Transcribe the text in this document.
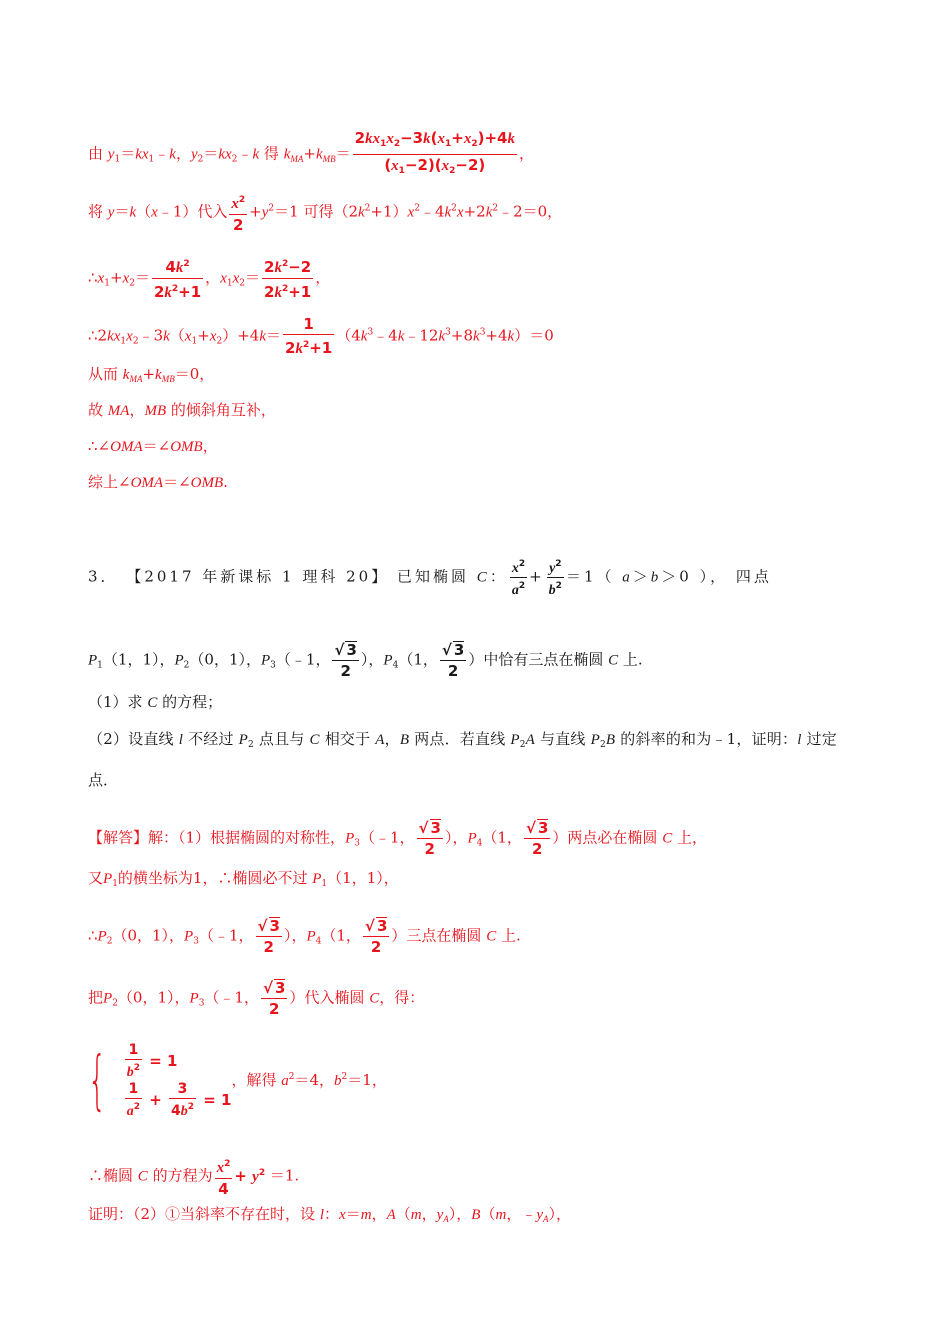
由 $y_1=kx_1﹣k$，$y_2=kx_2﹣k$ 得 $k_{MA}+k_{MB}= \frac{2kx_1x_2-3k(x_1+x_2)+4k}{(x_1-2)(x_2-2)}$ ，
将 y＝k（x﹣1）代入 $\frac{x^2}{2} +y^2=1$ 可得$(2k^2+1)x^2﹣4k^2x+2k^2﹣2=0$，
$\therefore x_1+x_2= \frac{4k^2}{2k^2+1}$ ，$x_1x_2= \frac{2k^2-2}{2k^2+1}$ ，
$\therefore 2kx_1x_2﹣3k(x_1+x_2)+4k= \frac{1}{2k^2+1}$ $(4k^3﹣4k﹣12k^3+8k^3+4k)=0$
从而 $k_{MA}+k_{MB}=0$，
故 MA，MB 的倾斜角互补，
∴∠OMA＝∠OMB，
综上∠OMA＝∠OMB.
3． 【2017 年新课标 1 理科 20】 已知椭圆 C： $\frac{x^2}{a^2} + \frac{y^2}{b^2} =1$（ a＞b＞0 ）， 四点
$P_1(1$，1），$P_2(0$，1），$P_3(﹣1$， $\frac{√ 3}{2}$ ），$P_4(1$， $\frac{√ 3}{2}$ ）中恰有三点在椭圆 C 上.
（1）求 C 的方程；
（2）设直线 l 不经过 $P_2$ 点且与 C 相交于 A，B 两点．若直线 $P_2A$ 与直线 $P_2B$ 的斜率的和为﹣1，证明：l 过定
点．
【解答】解：（1）根据椭圆的对称性，$P_3(﹣1$， $\frac{√ 3}{2}$ ），$P_4(1$， $\frac{√ 3}{2}$ ）两点必在椭圆 C 上，
又$P_1$的横坐标为1，∴椭圆必不过 $P_1(1$，1），
$\therefore P_2(0$，1），$P_3(﹣1$， $\frac{√ 3}{2}$ ），$P_4(1$， $\frac{√ 3}{2}$ ）三点在椭圆 C 上.
把$P_2(0$，1），$P_3(﹣1$， $\frac{√ 3}{2}$ ）代入椭圆 C，得：
{ $\frac{1}{b^2} = 1$
$\frac{1}{a^2} + \frac{3}{4b^2} = 1$
，解得 $a^2=4$，$b^2=1$，
∴椭圆 C 的方程为 $\frac{x^2}{4} + y^2 =1$.
证明：（2）①当斜率不存在时，设 l：x＝m，A（m，$y_A$），B（m，$﹣y_A$），
